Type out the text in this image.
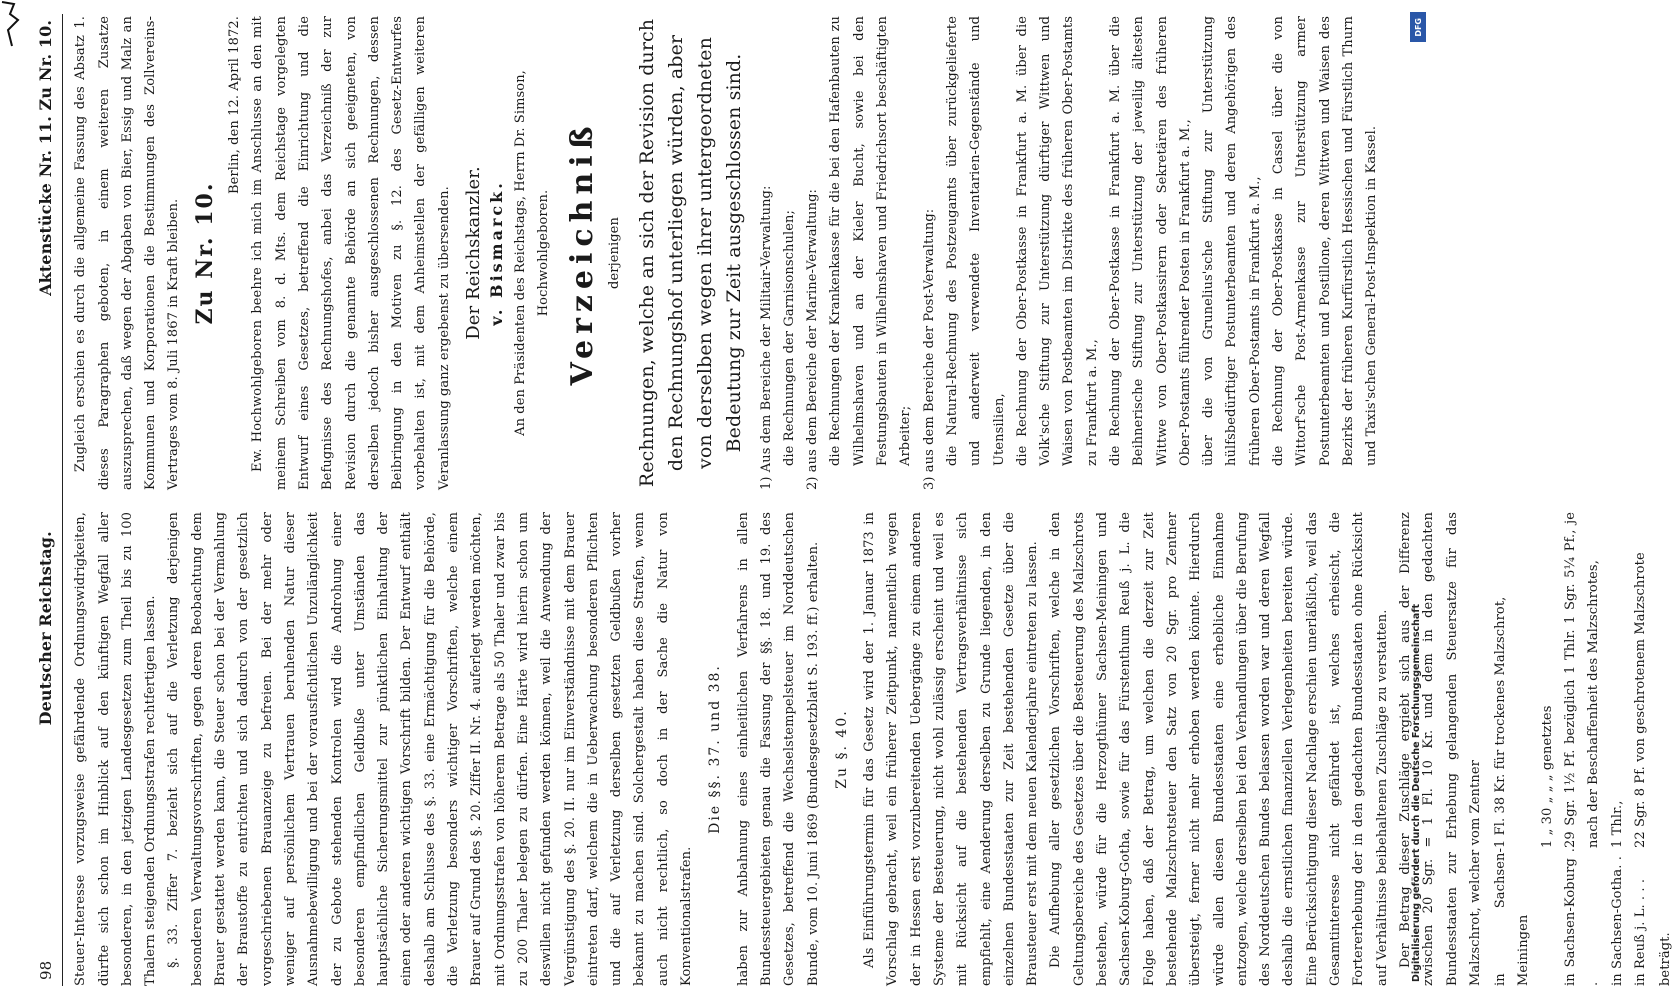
98
Deutscher Reichstag.
Aktenstücke Nr. 11. Zu Nr. 10.

Steuer-Interesse vorzugsweise gefährdende Ordnungswidrigkeiten, dürfte sich schon im Hinblick auf den künftigen Wegfall aller besonderen, in den jetzigen Landesgesetzen zum Theil bis zu 100 Thalern steigenden Ordnungsstrafen rechtfertigen lassen. §. 33. Ziffer 7. bezieht sich auf die Verletzung derjenigen besonderen Verwaltungsvorschriften, gegen deren Beobachtung dem Brauer gestattet werden kann, die Steuer schon bei der Vermahlung der Braustoffe zu entrichten und sich dadurch von der gesetzlich vorgeschriebenen Brauanzeige zu befreien. Bei der mehr oder weniger auf persönlichem Vertrauen beruhenden Natur dieser Ausnahmebewilligung und bei der vorausfichtlichen Unzulänglichkeit der zu Gebote stehenden Kontrolen wird die Androhung einer besonderen empfindlichen Geldbuße unter Umständen das hauptsächliche Sicherungsmittel zur pünktlichen Einhaltung der einen oder anderen wichtigen Vorschrift bilden. Der Entwurf enthält deshalb am Schlusse des §. 33. eine Ermächtigung für die Behörde, die Verletzung besonders wichtiger Vorschriften, welche einem Brauer auf Grund des §. 20. Ziffer II. Nr. 4. auferlegt werden möchten, mit Ordnungsstrafen von höherem Betrage als 50 Thaler und zwar bis zu 200 Thaler belegen zu dürfen. Eine Härte wird hierin schon um deswillen nicht gefunden werden können, weil die Anwendung der Vergünstigung des §. 20. II. nur im Einverständnisse mit dem Brauer eintreten darf, welchem die in Ueberwachung besonderen Pflichten und die auf Verletzung derselben gesetzten Geldbußen vorher bekannt zu machen sind. Solchergestalt haben diese Strafen, wenn auch nicht rechtlich, so doch in der Sache die Natur von Konventionalstrafen.

Die §§. 37. und 38. haben zur Anbahnung eines einheitlichen Verfahrens in allen Bundessteuergebieten genau die Fassung der §§. 18. und 19. des Gesetzes, betreffend die Wechselstempelsteuer im Norddeutschen Bunde, vom 10. Juni 1869 (Bundesgesetzblatt S. 193. ff.) erhalten. Zu §. 40. Als Einführungstermin für das Gesetz wird der 1. Januar 1873 in Vorschlag gebracht, weil ein früherer Zeitpunkt, namentlich wegen der in Hessen erst vorzubereitenden Uebergänge zu einem anderen Systeme der Besteuerung, nicht wohl zulässig erscheint und weil es mit Rücksicht auf die bestehenden Vertragsverhältnisse sich empfiehlt, eine Aenderung derselben zu Grunde liegenden, in den einzelnen Bundesstaaten zur Zeit bestehenden Gesetze über die Brausteuer erst mit dem neuen Kalenderjahre eintreten zu lassen. Die Aufhebung aller gesetzlichen Vorschriften, welche in den Geltungsbereiche des Gesetzes über die Besteuerung des Malzschrots bestehen, würde für die Herzogthümer Sachsen-Meiningen und Sachsen-Koburg-Gotha, sowie für das Fürstenthum Reuß j. L. die Folge haben, daß der Betrag, um welchen die derzeit zur Zeit bestehende Malzschrotsteuer den Satz von 20 Sgr. pro Zentner übersteigt, ferner nicht mehr erhoben werden könnte. Hierdurch würde allen diesen Bundesstaaten eine erhebliche Einnahme entzogen, welche derselben bei den Verhandlungen über die Berufung des Norddeutschen Bundes belassen worden war und deren Wegfall deshalb die ernstlichen finanziellen Verlegenheiten bereiten würde. Eine Berücksichtigung dieser Nachlage erschien unerläßlich, weil das Gesamtinteresse nicht gefährdet ist, welches erheischt, die Fortererhebung der in den gedachten Bundesstaaten ohne Rücksicht auf Verhältnisse beibehaltenen Zuschläge zu verstatten. Der Betrag dieser Zuschläge ergiebt sich aus der Differenz zwischen 20 Sgr. = 1 Fl. 10 Kr. und dem in den gedachten Bundesstaaten zur Erhebung gelangenden Steuersatze für das Malzschrot, welcher vom Zentner in Sachsen-Meiningen
1 Fl. 38 Kr. für trockenes Malzschrot,	1 „ 30 „ „ „ genetztes
in Sachsen-Koburg . .
29 Sgr. 1½ Pf. bezüglich 1 Thlr. 1 Sgr. 5¼ Pf., je nach der Beschaffenheit des Malzschrotes,
in Sachsen-Gotha. .
1 Thlr.,
in Reuß j. L. . . .
22 Sgr. 8 Pf. von geschrotenem Malzschrote

beträgt.

Zugleich erschien es durch die allgemeine Fassung des Absatz 1. dieses Paragraphen geboten, in einem weiteren Zusatze auszusprechen, daß wegen der Abgaben von Bier, Essig und Malz an Kommunen und Korporationen die Bestimmungen des Zollvereins-Vertrages vom 8. Juli 1867 in Kraft bleiben. Zu Nr. 10.
Berlin, den 12. April 1872. Ew. Hochwohlgeboren beehre ich mich im Anschlusse an den mit meinem Schreiben vom 8. d. Mts. dem Reichstage vorgelegten Entwurf eines Gesetzes, betreffend die Einrichtung und die Befugnisse des Rechnungshofes, anbei das Verzeichniß der zur Revision durch die genannte Behörde an sich geeigneten, von derselben jedoch bisher ausgeschlossenen Rechnungen, dessen Beibringung in den Motiven zu §. 12. des Gesetz-Entwurfes vorbehalten ist, mit dem Anheimstellen der gefälligen weiteren Veranlassung ganz ergebenst zu übersenden. Der Reichskanzler. v. Bismarck. An den Präsidenten des Reichstags, Herrn Dr. Simson, Hochwohlgeboren. Verzeichniß derjenigen Rechnungen, welche an sich der Revision durch den Rechnungshof unterliegen würden, aber von derselben wegen ihrer untergeordneten Bedeutung zur Zeit ausgeschlossen sind.	1) Aus dem Bereiche der Militair-Verwaltung: die Rechnungen der Garnisonschulen; 2) aus dem Bereiche der Marine-Verwaltung: die Rechnungen der Krankenkasse für die bei den Hafenbauten zu Wilhelmshaven und an der Kieler Bucht, sowie bei den Festungsbauten in Wilhelmshaven und Friedrichsort beschäftigten Arbeiter; 3) aus dem Bereiche der Post-Verwaltung: die Natural-Rechnung des Postzeugamts über zurückgelieferte und anderweit verwendete Inventarien-Gegenstände und Utensilien, die Rechnung der Ober-Postkasse in Frankfurt a. M. über die Volk'sche Stiftung zur Unterstützung dürftiger Wittwen und Waisen von Postbeamten im Distrikte des früheren Ober-Postamts zu Frankfurt a. M., die Rechnung der Ober-Postkasse in Frankfurt a. M. über die Beihnerische Stiftung zur Unterstützung der jeweilig ältesten Wittwe von Ober-Postkassirern oder Sekretären des früheren Ober-Postamts führender Posten in Frankfurt a. M., über die von Grunelius'sche Stiftung zur Unterstützung hülfsbedürftiger Postunterbeamten und deren Angehörigen des früheren Ober-Postamts in Frankfurt a. M., die Rechnung der Ober-Postkasse in Cassel über die von Wittorf'sche Post-Armenkasse zur Unterstützung armer Postunterbeamten und Postillone, deren Wittwen und Waisen des Bezirks der früheren Kurfürstlich Hessischen und Fürstlich Thurn und Taxis'schen General-Post-Inspektion in Kassel.

DFG
Digitalisierung gefördert durch die Deutsche Forschungsgemeinschaft
